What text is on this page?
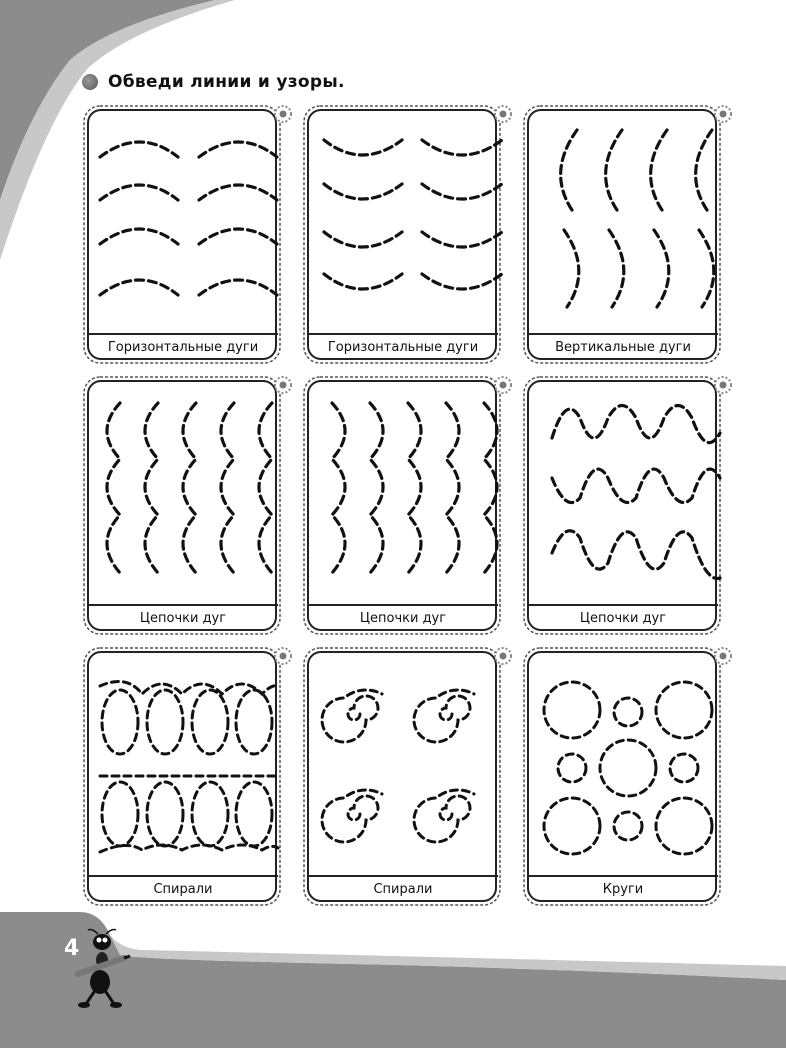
Обведи линии и узоры.
Горизонтальные дуги	Горизонтальные дуги	Вертикальные дуги
Цепочки дуг	Цепочки дуг	Цепочки дуг
Спирали	Спирали	Круги
4
